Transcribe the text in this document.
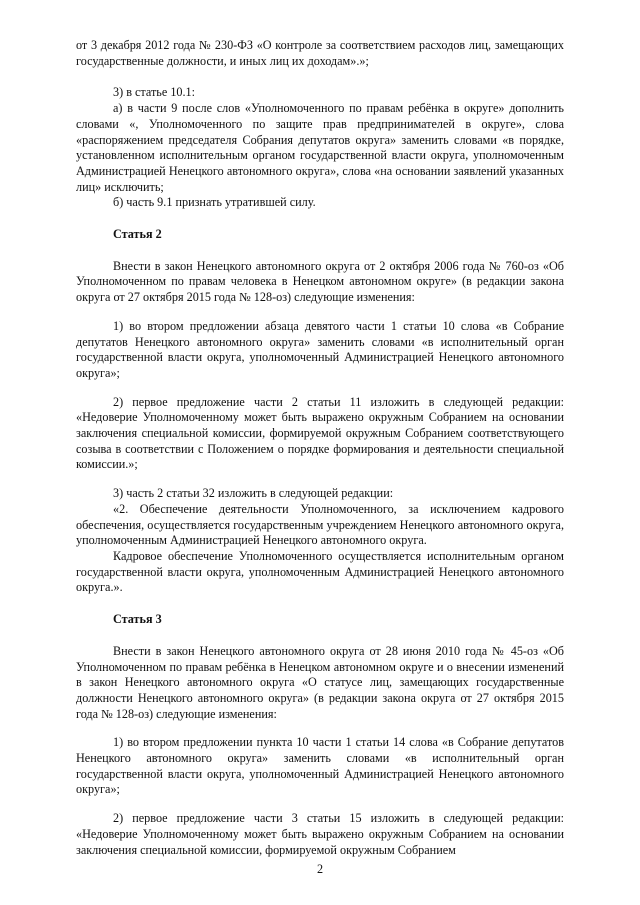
от 3 декабря 2012 года № 230-ФЗ «О контроле за соответствием расходов лиц, замещающих государственные должности, и иных лиц их доходам».»;

3) в статье 10.1:

а) в части 9 после слов «Уполномоченного по правам ребёнка в округе» дополнить словами «, Уполномоченного по защите прав предпринимателей в округе», слова «распоряжением председателя Собрания депутатов округа» заменить словами «в порядке, установленном исполнительным органом государственной власти округа, уполномоченным Администрацией Ненецкого автономного округа», слова «на основании заявлений указанных лиц» исключить;

б) часть 9.1 признать утратившей силу.

Статья 2

Внести в закон Ненецкого автономного округа от 2 октября 2006 года № 760-оз «Об Уполномоченном по правам человека в Ненецком автономном округе» (в редакции закона округа от 27 октября 2015 года № 128-оз) следующие изменения:

1) во втором предложении абзаца девятого части 1 статьи 10 слова «в Собрание депутатов Ненецкого автономного округа» заменить словами «в исполнительный орган государственной власти округа, уполномоченный Администрацией Ненецкого автономного округа»;

2) первое предложение части 2 статьи 11 изложить в следующей редакции: «Недоверие Уполномоченному может быть выражено окружным Собранием на основании заключения специальной комиссии, формируемой окружным Собранием соответствующего созыва в соответствии с Положением о порядке формирования и деятельности специальной комиссии.»;

3) часть 2 статьи 32 изложить в следующей редакции:

«2. Обеспечение деятельности Уполномоченного, за исключением кадрового обеспечения, осуществляется государственным учреждением Ненецкого автономного округа, уполномоченным Администрацией Ненецкого автономного округа.

Кадровое обеспечение Уполномоченного осуществляется исполнительным органом государственной власти округа, уполномоченным Администрацией Ненецкого автономного округа.».

Статья 3

Внести в закон Ненецкого автономного округа от 28 июня 2010 года № 45-оз «Об Уполномоченном по правам ребёнка в Ненецком автономном округе и о внесении изменений в закон Ненецкого автономного округа «О статусе лиц, замещающих государственные должности Ненецкого автономного округа» (в редакции закона округа от 27 октября 2015 года № 128-оз) следующие изменения:

1) во втором предложении пункта 10 части 1 статьи 14 слова «в Собрание депутатов Ненецкого автономного округа» заменить словами «в исполнительный орган государственной власти округа, уполномоченный Администрацией Ненецкого автономного округа»;

2) первое предложение части 3 статьи 15 изложить в следующей редакции: «Недоверие Уполномоченному может быть выражено окружным Собранием на основании заключения специальной комиссии, формируемой окружным Собранием

2
